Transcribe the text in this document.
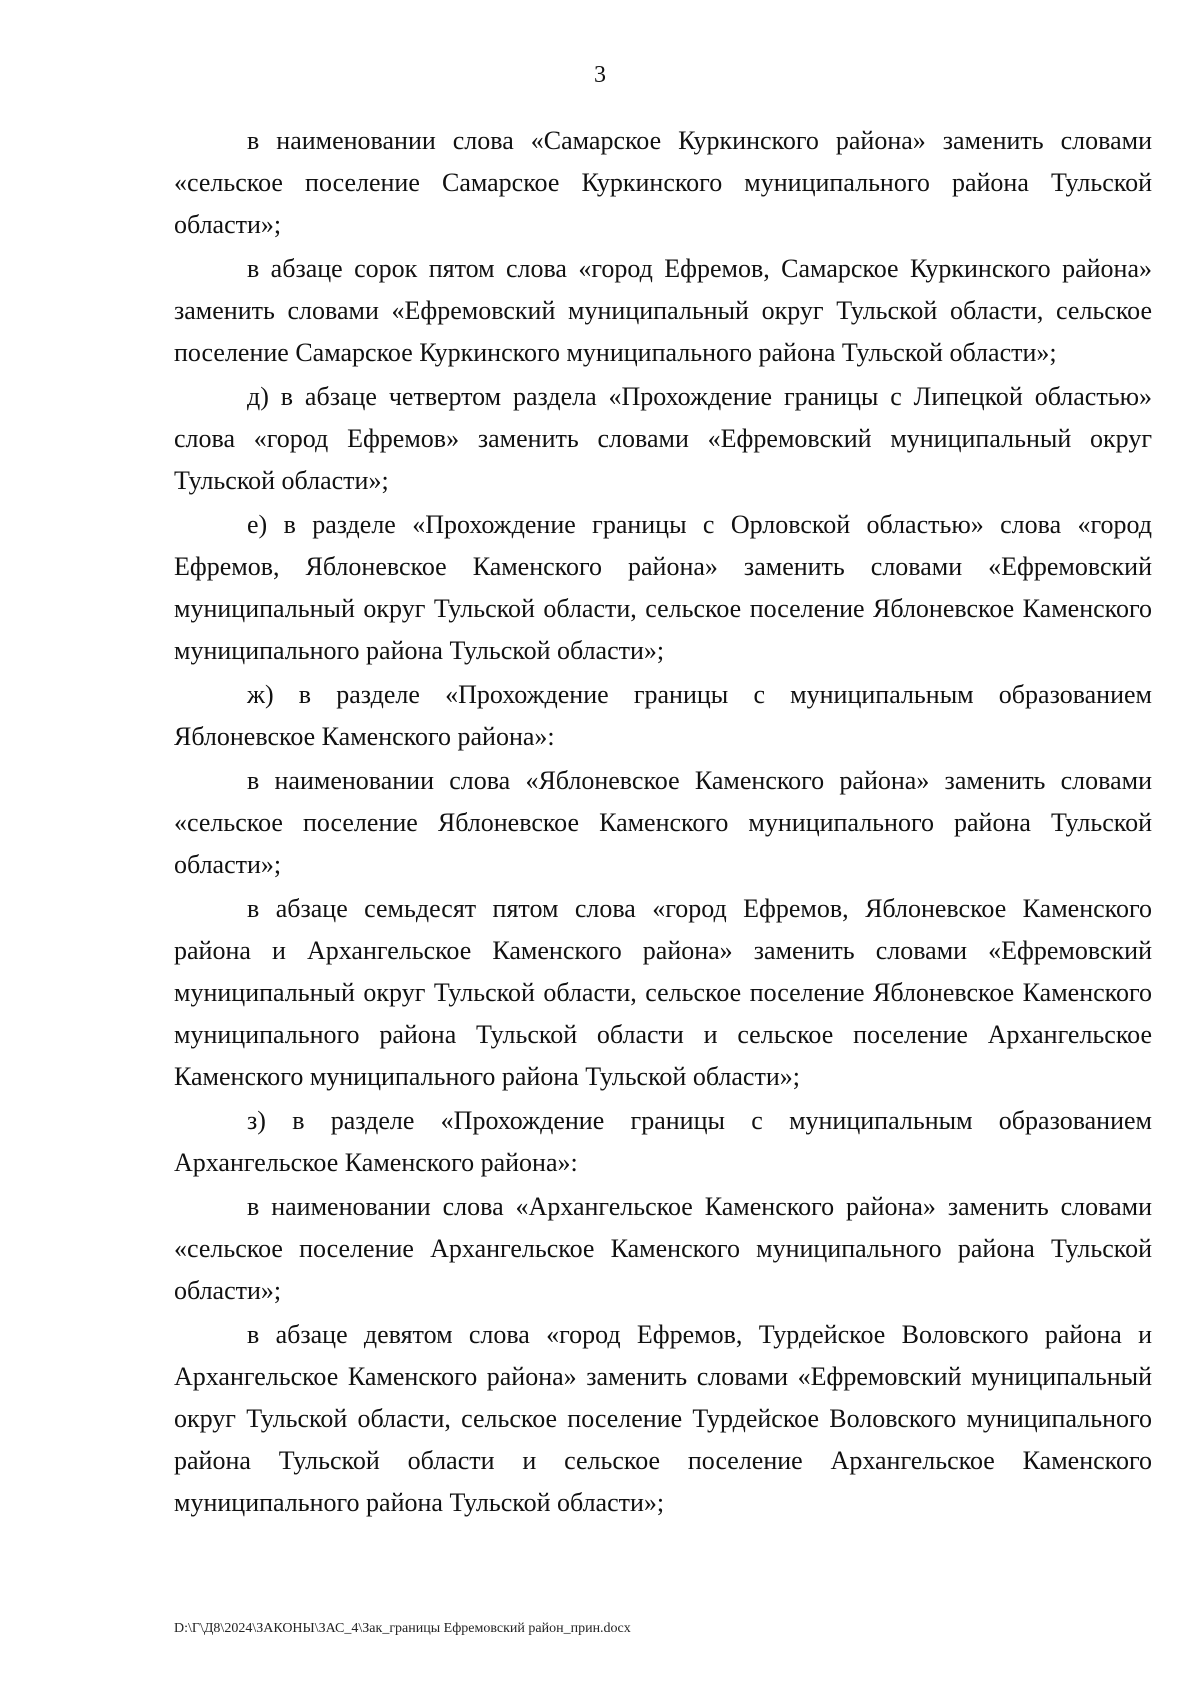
3

в наименовании слова «Самарское Куркинского района» заменить словами «сельское поселение Самарское Куркинского муниципального района Тульской области»;

в абзаце сорок пятом слова «город Ефремов, Самарское Куркинского района» заменить словами «Ефремовский муниципальный округ Тульской области, сельское поселение Самарское Куркинского муниципального района Тульской области»;

д) в абзаце четвертом раздела «Прохождение границы с Липецкой областью» слова «город Ефремов» заменить словами «Ефремовский муниципальный округ Тульской области»;

е) в разделе «Прохождение границы с Орловской областью» слова «город Ефремов, Яблоневское Каменского района» заменить словами «Ефремовский муниципальный округ Тульской области, сельское поселение Яблоневское Каменского муниципального района Тульской области»;

ж) в разделе «Прохождение границы с муниципальным образованием Яблоневское Каменского района»:

в наименовании слова «Яблоневское Каменского района» заменить словами «сельское поселение Яблоневское Каменского муниципального района Тульской области»;

в абзаце семьдесят пятом слова «город Ефремов, Яблоневское Каменского района и Архангельское Каменского района» заменить словами «Ефремовский муниципальный округ Тульской области, сельское поселение Яблоневское Каменского муниципального района Тульской области и сельское поселение Архангельское Каменского муниципального района Тульской области»;

з) в разделе «Прохождение границы с муниципальным образованием Архангельское Каменского района»:

в наименовании слова «Архангельское Каменского района» заменить словами «сельское поселение Архангельское Каменского муниципального района Тульской области»;

в абзаце девятом слова «город Ефремов, Турдейское Воловского района и Архангельское Каменского района» заменить словами «Ефремовский муниципальный округ Тульской области, сельское поселение Турдейское Воловского муниципального района Тульской области и сельское поселение Архангельское Каменского муниципального района Тульской области»;

D:\Г\Д8\2024\ЗАКОНЫ\ЗАС_4\Зак_границы Ефремовский район_прин.docx
